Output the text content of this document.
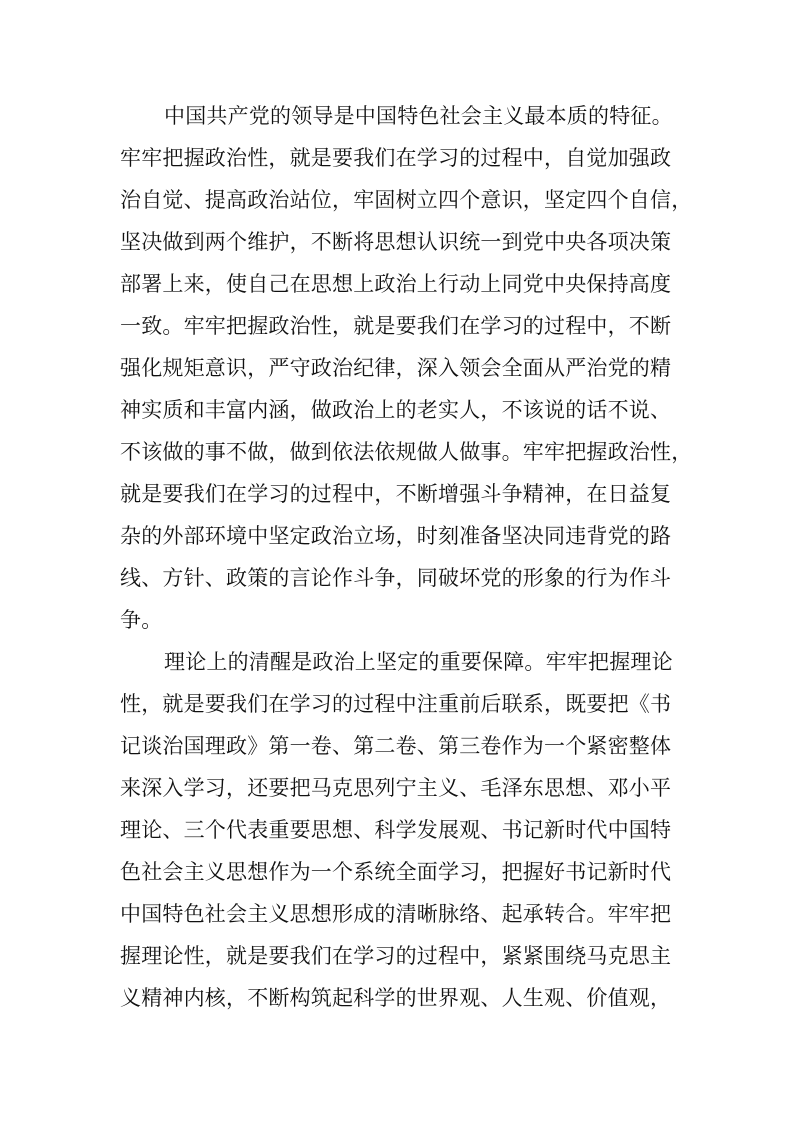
中国共产党的领导是中国特色社会主义最本质的特征。
牢牢把握政治性，就是要我们在学习的过程中，自觉加强政
治自觉、提高政治站位，牢固树立四个意识，坚定四个自信，
坚决做到两个维护，不断将思想认识统一到党中央各项决策
部署上来，使自己在思想上政治上行动上同党中央保持高度
一致。牢牢把握政治性，就是要我们在学习的过程中，不断
强化规矩意识，严守政治纪律，深入领会全面从严治党的精
神实质和丰富内涵，做政治上的老实人，不该说的话不说、
不该做的事不做，做到依法依规做人做事。牢牢把握政治性，
就是要我们在学习的过程中，不断增强斗争精神，在日益复
杂的外部环境中坚定政治立场，时刻准备坚决同违背党的路
线、方针、政策的言论作斗争，同破坏党的形象的行为作斗
争。
理论上的清醒是政治上坚定的重要保障。牢牢把握理论
性，就是要我们在学习的过程中注重前后联系，既要把《书
记谈治国理政》第一卷、第二卷、第三卷作为一个紧密整体
来深入学习，还要把马克思列宁主义、毛泽东思想、邓小平
理论、三个代表重要思想、科学发展观、书记新时代中国特
色社会主义思想作为一个系统全面学习，把握好书记新时代
中国特色社会主义思想形成的清晰脉络、起承转合。牢牢把
握理论性，就是要我们在学习的过程中，紧紧围绕马克思主
义精神内核，不断构筑起科学的世界观、人生观、价值观，
